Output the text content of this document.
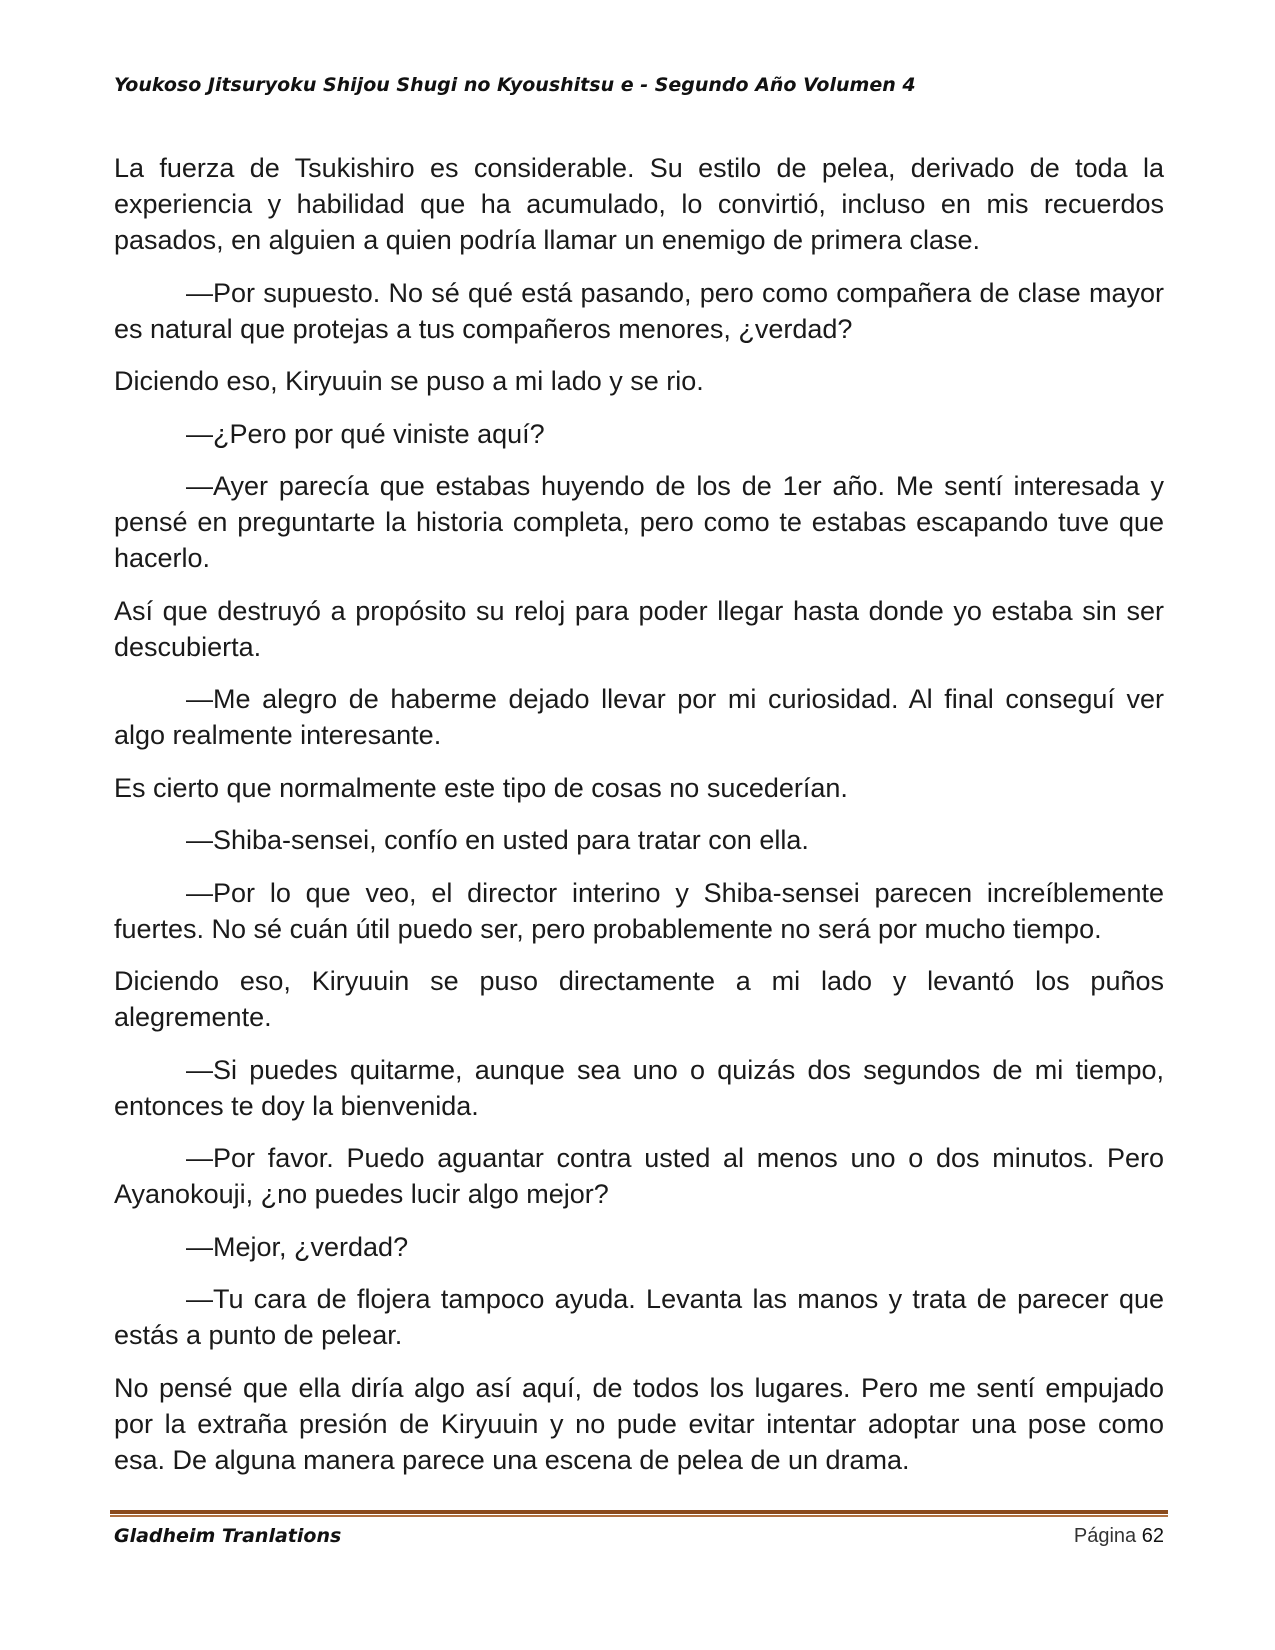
Youkoso Jitsuryoku Shijou Shugi no Kyoushitsu e - Segundo Año Volumen 4

La fuerza de Tsukishiro es considerable. Su estilo de pelea, derivado de toda la experiencia y habilidad que ha acumulado, lo convirtió, incluso en mis recuerdos pasados, en alguien a quien podría llamar un enemigo de primera clase.

—Por supuesto. No sé qué está pasando, pero como compañera de clase mayor es natural que protejas a tus compañeros menores, ¿verdad?

Diciendo eso, Kiryuuin se puso a mi lado y se rio.

—¿Pero por qué viniste aquí?

—Ayer parecía que estabas huyendo de los de 1er año. Me sentí interesada y pensé en preguntarte la historia completa, pero como te estabas escapando tuve que hacerlo.

Así que destruyó a propósito su reloj para poder llegar hasta donde yo estaba sin ser descubierta.

—Me alegro de haberme dejado llevar por mi curiosidad. Al final conseguí ver algo realmente interesante.

Es cierto que normalmente este tipo de cosas no sucederían.

—Shiba-sensei, confío en usted para tratar con ella.

—Por lo que veo, el director interino y Shiba-sensei parecen increíblemente fuertes. No sé cuán útil puedo ser, pero probablemente no será por mucho tiempo.

Diciendo eso, Kiryuuin se puso directamente a mi lado y levantó los puños alegremente.

—Si puedes quitarme, aunque sea uno o quizás dos segundos de mi tiempo, entonces te doy la bienvenida.

—Por favor. Puedo aguantar contra usted al menos uno o dos minutos. Pero Ayanokouji, ¿no puedes lucir algo mejor?

—Mejor, ¿verdad?

—Tu cara de flojera tampoco ayuda. Levanta las manos y trata de parecer que estás a punto de pelear.

No pensé que ella diría algo así aquí, de todos los lugares. Pero me sentí empujado por la extraña presión de Kiryuuin y no pude evitar intentar adoptar una pose como esa. De alguna manera parece una escena de pelea de un drama.

Gladheim Tranlations	Página 62
